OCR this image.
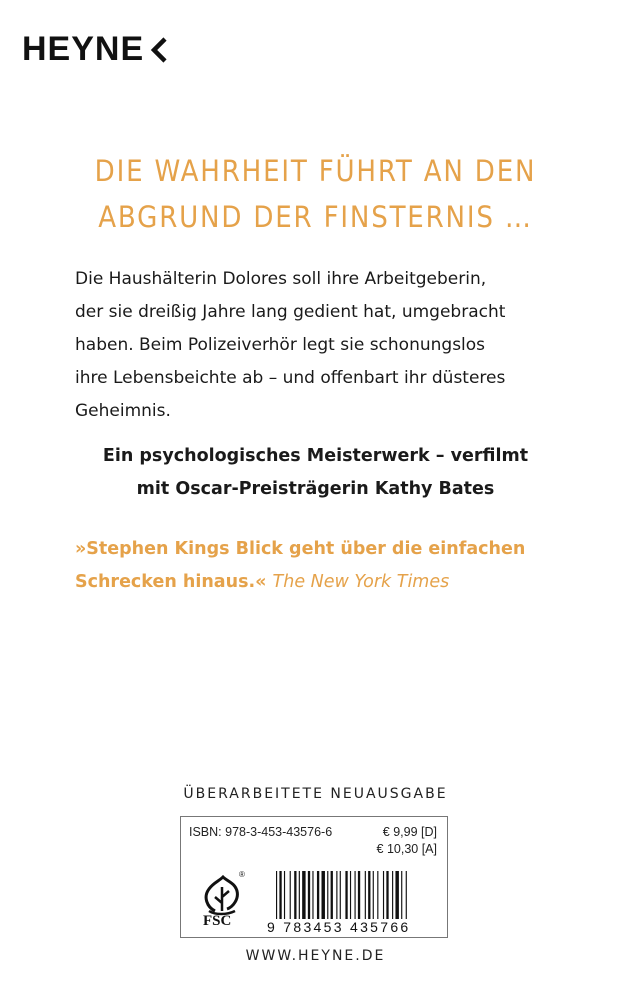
HEYNE
DIE WAHRHEIT FÜHRT AN DEN
ABGRUND DER FINSTERNIS …
Die Haushälterin Dolores soll ihre Arbeitgeberin,
der sie dreißig Jahre lang gedient hat, umgebracht
haben. Beim Polizeiverhör legt sie schonungslos
ihre Lebensbeichte ab – und offenbart ihr düsteres
Geheimnis.
Ein psychologisches Meisterwerk – verfilmt
mit Oscar-Preisträgerin Kathy Bates
»Stephen Kings Blick geht über die einfachen
Schrecken hinaus.« The New York Times
ÜBERARBEITETE NEUAUSGABE
ISBN: 978-3-453-43576-6	€ 9,99 [D]
€ 10,30 [A]
®
FSC	9 783453 435766
WWW.HEYNE.DE
